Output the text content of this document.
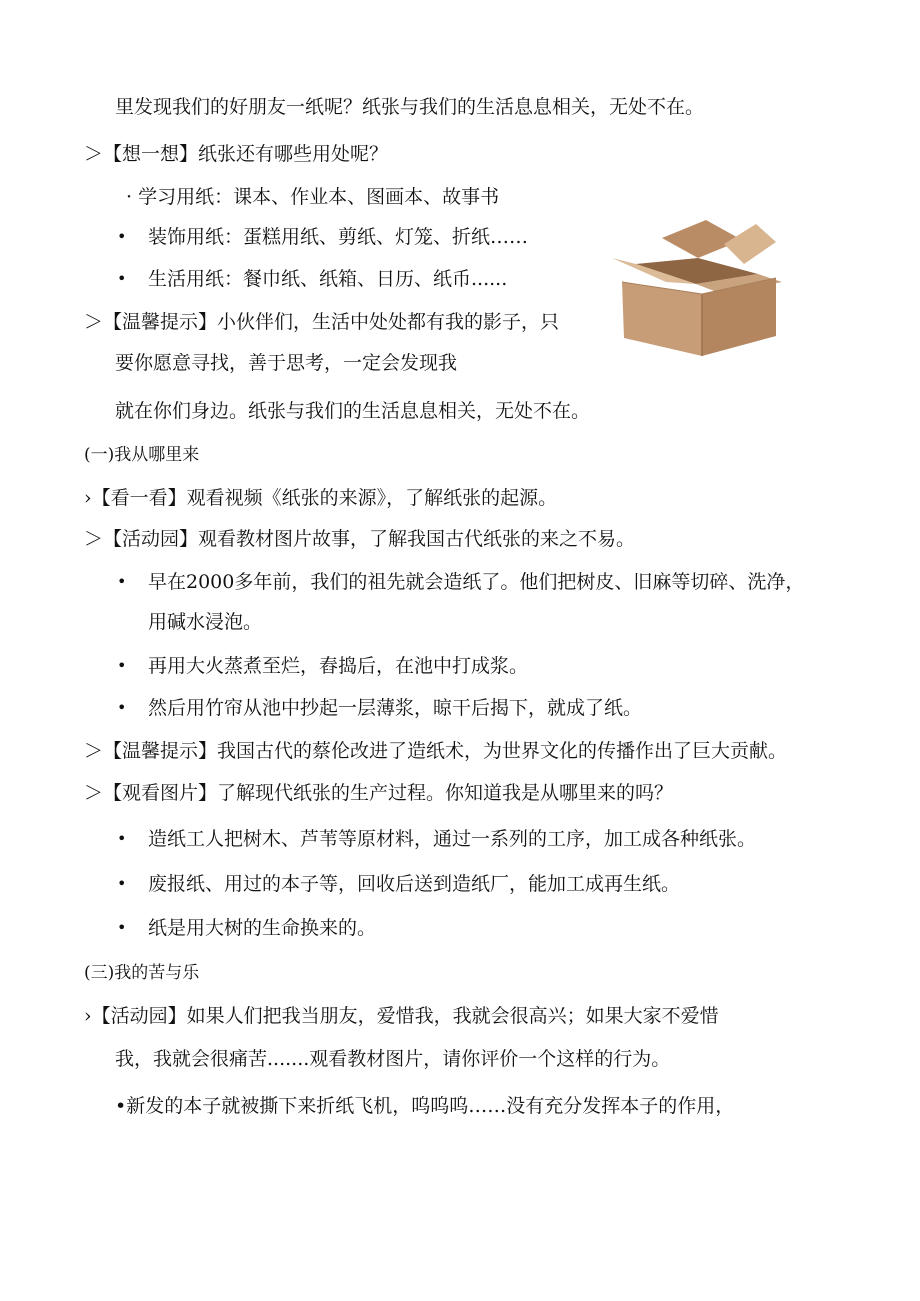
里发现我们的好朋友一纸呢？纸张与我们的生活息息相关，无处不在。
＞【想一想】纸张还有哪些用处呢？
· 学习用纸：课本、作业本、图画本、故事书
• 装饰用纸：蛋糕用纸、剪纸、灯笼、折纸……
• 生活用纸：餐巾纸、纸箱、日历、纸币......
＞【温馨提示】小伙伴们，生活中处处都有我的影子，只
要你愿意寻找，善于思考，一定会发现我
就在你们身边。纸张与我们的生活息息相关，无处不在。
(一)我从哪里来
›【看一看】观看视频《纸张的来源》，了解纸张的起源。
＞【活动园】观看教材图片故事，了解我国古代纸张的来之不易。
• 早在2000多年前，我们的祖先就会造纸了。他们把树皮、旧麻等切碎、洗净，
用碱水浸泡。
• 再用大火蒸煮至烂，舂捣后，在池中打成浆。
• 然后用竹帘从池中抄起一层薄浆，晾干后揭下，就成了纸。
＞【温馨提示】我国古代的蔡伦改进了造纸术，为世界文化的传播作出了巨大贡献。
＞【观看图片】了解现代纸张的生产过程。你知道我是从哪里来的吗？
• 造纸工人把树木、芦苇等原材料，通过一系列的工序，加工成各种纸张。
• 废报纸、用过的本子等，回收后送到造纸厂，能加工成再生纸。
• 纸是用大树的生命换来的。
(三)我的苦与乐
›【活动园】如果人们把我当朋友，爱惜我，我就会很高兴；如果大家不爱惜
我，我就会很痛苦.......观看教材图片，请你评价一个这样的行为。
•新发的本子就被撕下来折纸飞机，呜呜呜……没有充分发挥本子的作用，
